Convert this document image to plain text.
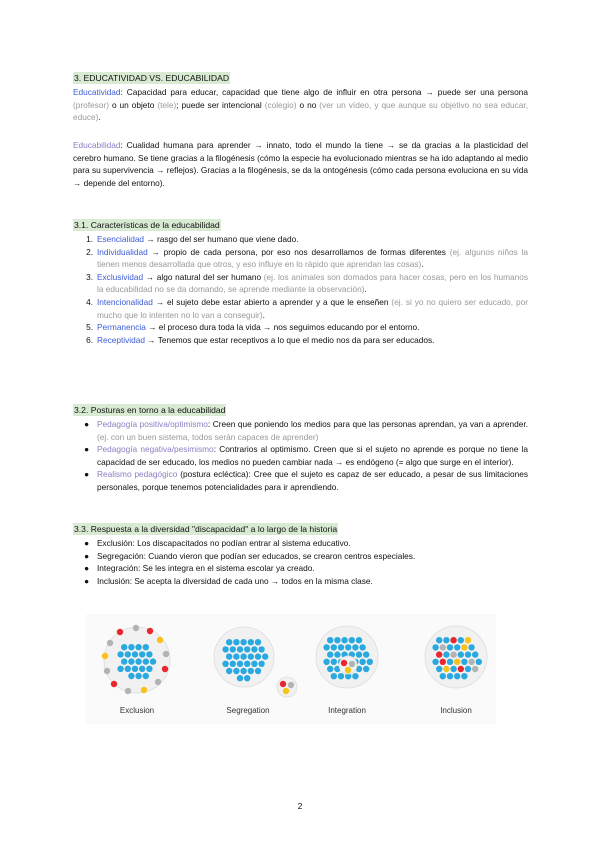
3. EDUCATIVIDAD VS. EDUCABILIDAD
Educatividad: Capacidad para educar, capacidad que tiene algo de influir en otra persona → puede ser una persona (profesor) o un objeto (tele); puede ser intencional (colegio) o no (ver un vídeo, y que aunque su objetivo no sea educar, educe).
Educabilidad: Cualidad humana para aprender → innato, todo el mundo la tiene → se da gracias a la plasticidad del cerebro humano. Se tiene gracias a la filogénesis (cómo la especie ha evolucionado mientras se ha ido adaptando al medio para su supervivencia → reflejos). Gracias a la filogénesis, se da la ontogénesis (cómo cada persona evoluciona en su vida → depende del entorno).
3.1. Características de la educabilidad
1. Esencialidad → rasgo del ser humano que viene dado.
2. Individualidad → propio de cada persona, por eso nos desarrollamos de formas diferentes (ej. algunos niños la tienen menos desarrollada que otros, y eso influye en lo rápido que aprendan las cosas).
3. Exclusividad → algo natural del ser humano (ej. los animales son domados para hacer cosas, pero en los humanos la educabilidad no se da domando, se aprende mediante la observación).
4. Intencionalidad → el sujeto debe estar abierto a aprender y a que le enseñen (ej. si yo no quiero ser educado, por mucho que lo intenten no lo van a conseguir).
5. Permanencia → el proceso dura toda la vida → nos seguimos educando por el entorno.
6. Receptividad → Tenemos que estar receptivos a lo que el medio nos da para ser educados.
3.2. Posturas en torno a la educabilidad
● Pedagogía positiva/optimismo: Creen que poniendo los medios para que las personas aprendan, ya van a aprender. (ej. con un buen sistema, todos serán capaces de aprender)
● Pedagogía negativa/pesimismo: Contrarios al optimismo. Creen que si el sujeto no aprende es porque no tiene la capacidad de ser educado, los medios no pueden cambiar nada → es endógeno (= algo que surge en el interior).
● Realismo pedagógico (postura ecléctica): Cree que el sujeto es capaz de ser educado, a pesar de sus limitaciones personales, porque tenemos potencialidades para ir aprendiendo.
3.3. Respuesta a la diversidad "discapacidad" a lo largo de la historia
● Exclusión: Los discapacitados no podían entrar al sistema educativo.
● Segregación: Cuando vieron que podían ser educados, se crearon centros especiales.
● Integración: Se les integra en el sistema escolar ya creado.
● Inclusión: Se acepta la diversidad de cada uno → todos en la misma clase.
Exclusion	Segregation	Integration	Inclusion
2
